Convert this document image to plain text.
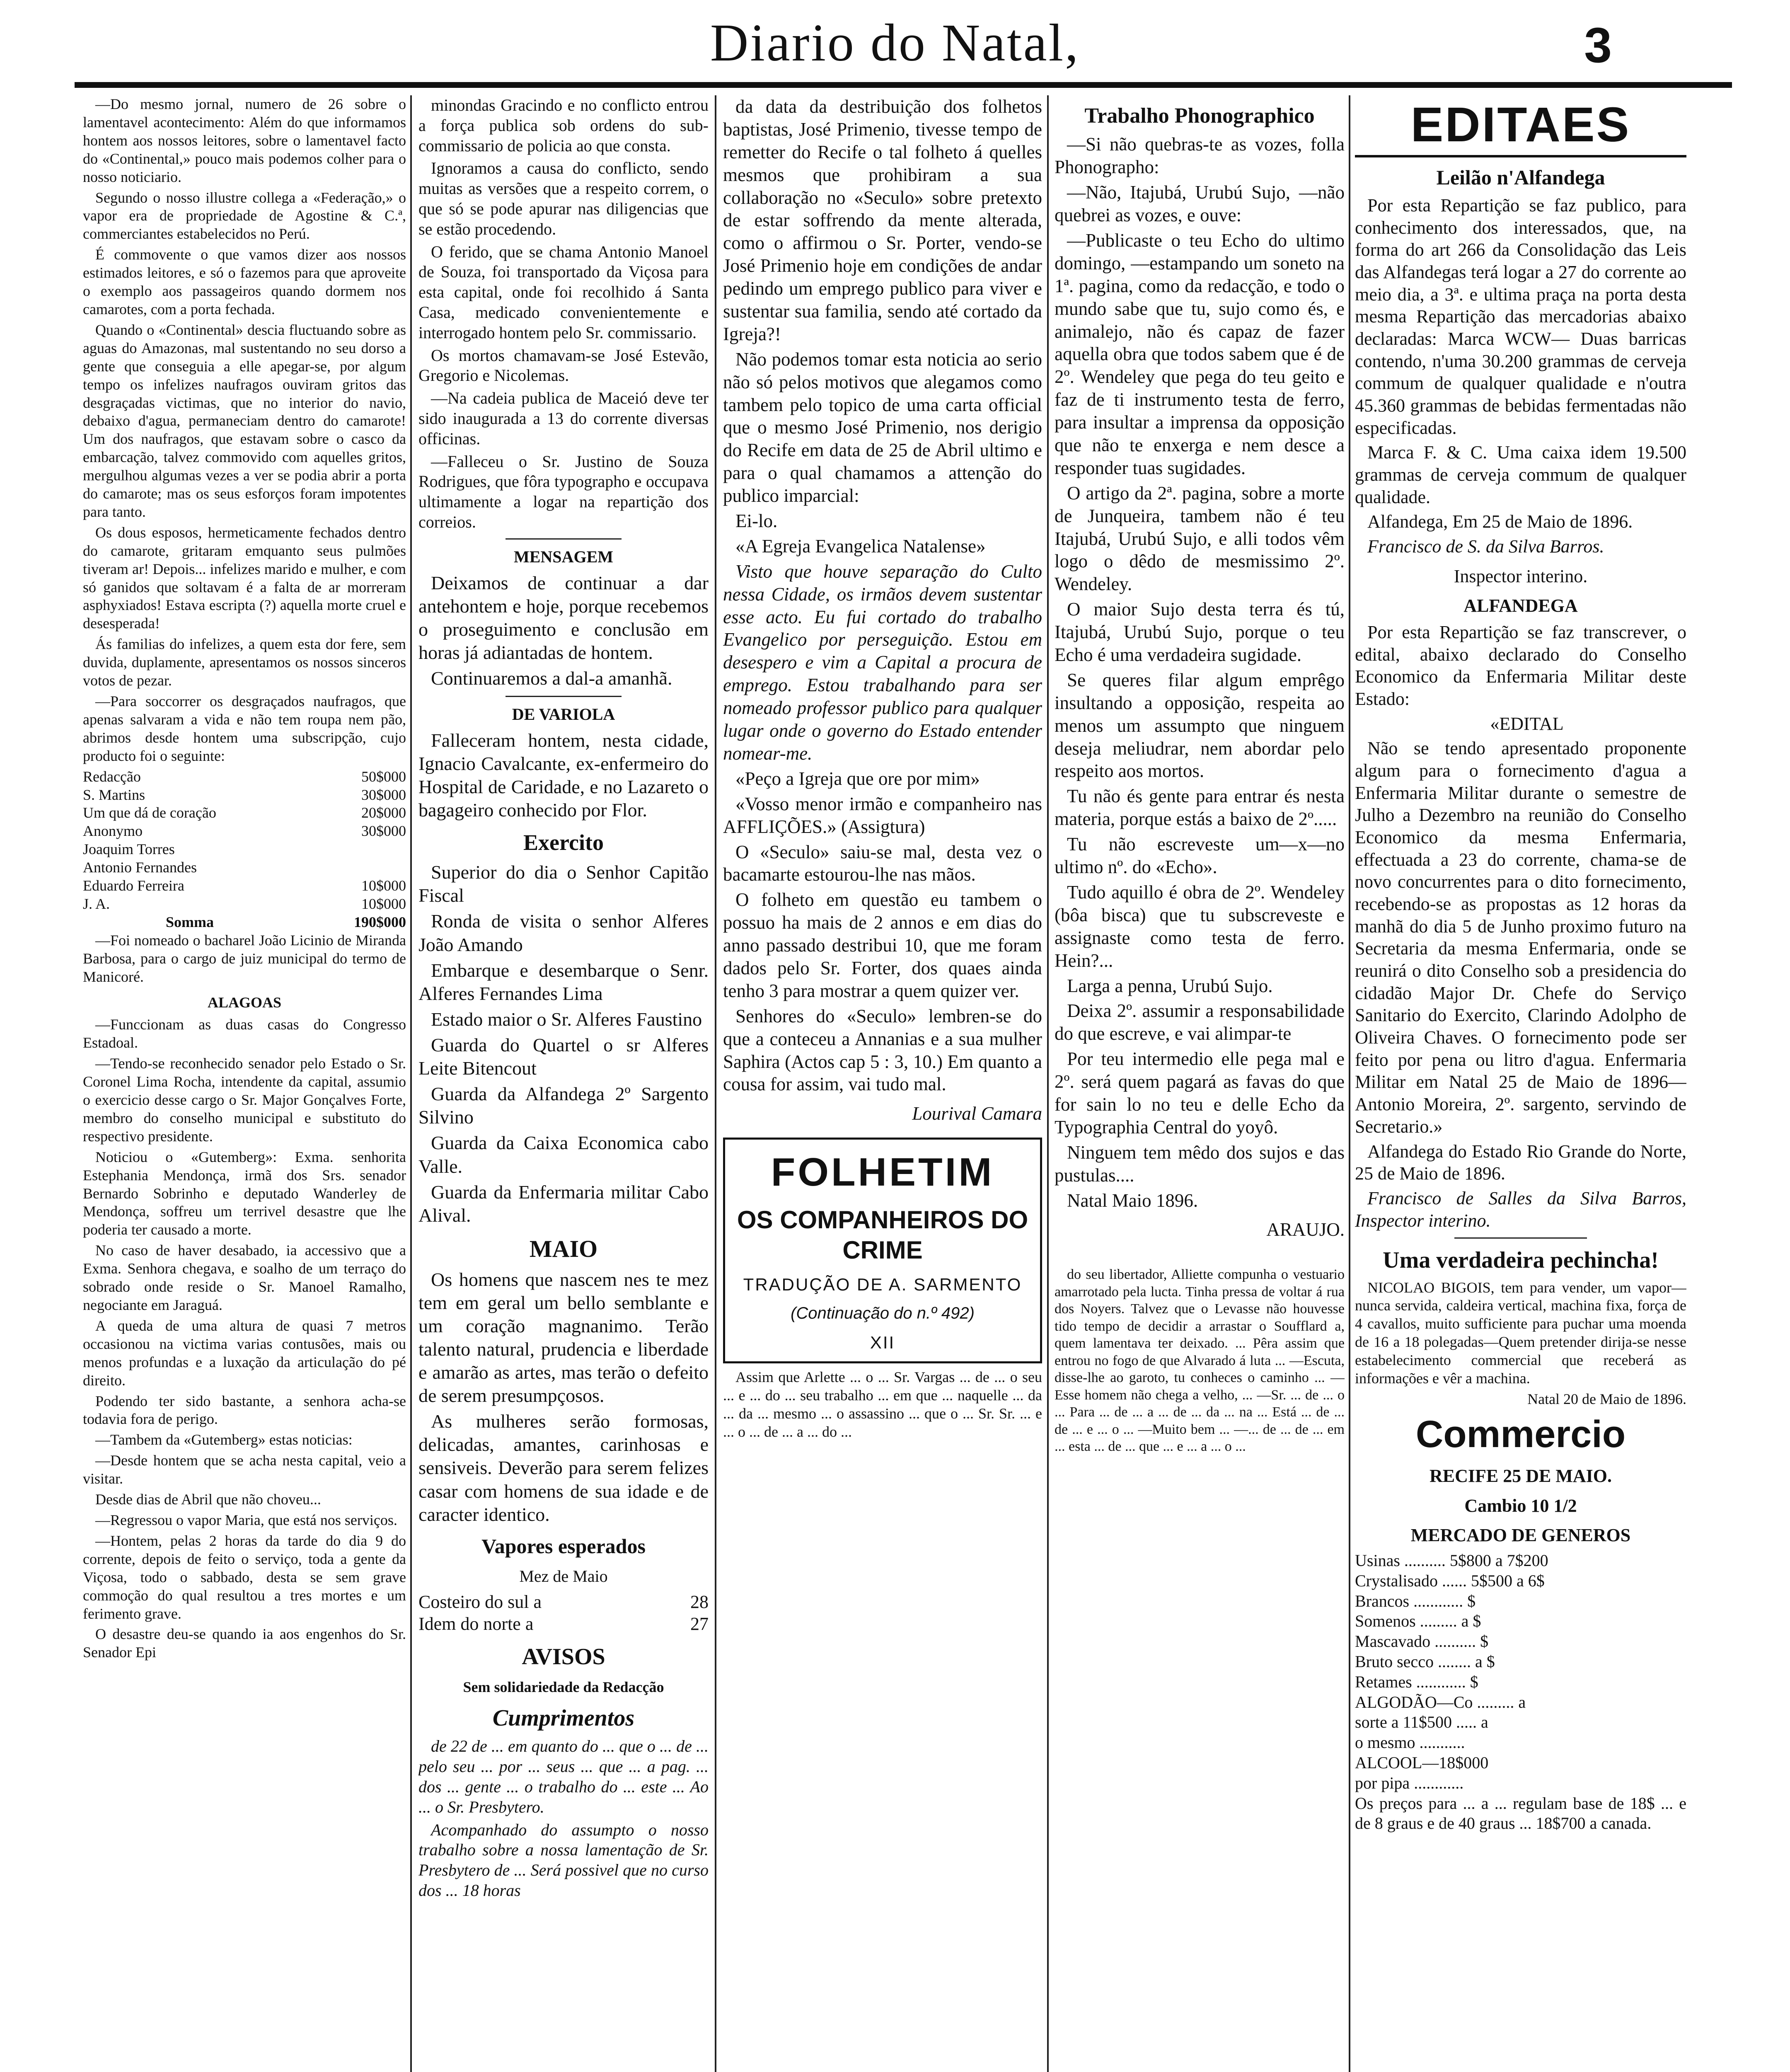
Diario do Natal,	3

—Do mesmo jornal, numero de 26 sobre o lamentavel acontecimento: Além do que informamos hontem aos nossos leitores, sobre o lamentavel facto do «Continental,» pouco mais podemos colher para o nosso noticiario.

Segundo o nosso illustre collega a «Federação,» o vapor era de propriedade de Agostine & C.ª, commerciantes estabelecidos no Perú.

É commovente o que vamos dizer aos nossos estimados leitores, e só o fazemos para que aproveite o exemplo aos passageiros quando dormem nos camarotes, com a porta fechada.

Quando o «Continental» descia fluctuando sobre as aguas do Amazonas, mal sustentando no seu dorso a gente que conseguia a elle apegar-se, por algum tempo os infelizes naufragos ouviram gritos das desgraçadas victimas, que no interior do navio, debaixo d'agua, permaneciam dentro do camarote! Um dos naufragos, que estavam sobre o casco da embarcação, talvez commovido com aquelles gritos, mergulhou algumas vezes a ver se podia abrir a porta do camarote; mas os seus esforços foram impotentes para tanto.

Os dous esposos, hermeticamente fechados dentro do camarote, gritaram emquanto seus pulmões tiveram ar! Depois... infelizes marido e mulher, e com só ganidos que soltavam é a falta de ar morreram asphyxiados! Estava escripta (?) aquella morte cruel e desesperada!

Ás familias do infelizes, a quem esta dor fere, sem duvida, duplamente, apresentamos os nossos sinceros votos de pezar.

—Para soccorrer os desgraçados naufragos, que apenas salvaram a vida e não tem roupa nem pão, abrimos desde hontem uma subscripção, cujo producto foi o seguinte:

Redacção	50$000
S. Martins	30$000
Um que dá de coração	20$000
Anonymo	30$000
Joaquim Torres
Antonio Fernandes
Eduardo Ferreira	10$000
J. A.	10$000
Somma	190$000

—Foi nomeado o bacharel João Licinio de Miranda Barbosa, para o cargo de juiz municipal do termo de Manicoré.

ALAGOAS

—Funccionam as duas casas do Congresso Estadoal.

—Tendo-se reconhecido senador pelo Estado o Sr. Coronel Lima Rocha, intendente da capital, assumio o exercicio desse cargo o Sr. Major Gonçalves Forte, membro do conselho municipal e substituto do respectivo presidente.

Noticiou o «Gutemberg»: Exma. senhorita Estephania Mendonça, irmã dos Srs. senador Bernardo Sobrinho e deputado Wanderley de Mendonça, soffreu um terrivel desastre que lhe poderia ter causado a morte.

No caso de haver desabado, ia accessivo que a Exma. Senhora chegava, e soalho de um terraço do sobrado onde reside o Sr. Manoel Ramalho, negociante em Jaraguá.

A queda de uma altura de quasi 7 metros occasionou na victima varias contusões, mais ou menos profundas e a luxação da articulação do pé direito.

Podendo ter sido bastante, a senhora acha-se todavia fora de perigo.

—Tambem da «Gutemberg» estas noticias:

—Desde hontem que se acha nesta capital, veio a visitar.

Desde dias de Abril que não choveu...

—Regressou o vapor Maria, que está nos serviços.

—Hontem, pelas 2 horas da tarde do dia 9 do corrente, depois de feito o serviço, toda a gente da Viçosa, todo o sabbado, desta se sem grave commoção do qual resultou a tres mortes e um ferimento grave.

O desastre deu-se quando ia aos engenhos do Sr. Senador Epi

minondas Gracindo e no conflicto entrou a força publica sob ordens do sub-commissario de policia ao que consta.

Ignoramos a causa do conflicto, sendo muitas as versões que a respeito correm, o que só se pode apurar nas diligencias que se estão procedendo.

O ferido, que se chama Antonio Manoel de Souza, foi transportado da Viçosa para esta capital, onde foi recolhido á Santa Casa, medicado convenientemente e interrogado hontem pelo Sr. commissario.

Os mortos chamavam-se José Estevão, Gregorio e Nicolemas.

—Na cadeia publica de Maceió deve ter sido inaugurada a 13 do corrente diversas officinas.

—Falleceu o Sr. Justino de Souza Rodrigues, que fôra typographo e occupava ultimamente a logar na repartição dos correios.

MENSAGEM

Deixamos de continuar a dar antehontem e hoje, porque recebemos o proseguimento e conclusão em horas já adiantadas de hontem.

Continuaremos a dal-a amanhã.

DE VARIOLA

Falleceram hontem, nesta cidade, Ignacio Cavalcante, ex-enfermeiro do Hospital de Caridade, e no Lazareto o bagageiro conhecido por Flor.

Exercito

Superior do dia o Senhor Capitão Fiscal

Ronda de visita o senhor Alferes João Amando

Embarque e desembarque o Senr. Alferes Fernandes Lima

Estado maior o Sr. Alferes Faustino

Guarda do Quartel o sr Alferes Leite Bitencout

Guarda da Alfandega 2º Sargento Silvino

Guarda da Caixa Economica cabo Valle.

Guarda da Enfermaria militar Cabo Alival.

MAIO

Os homens que nascem nes te mez tem em geral um bello semblante e um coração magnanimo. Terão talento natural, prudencia e liberdade e amarão as artes, mas terão o defeito de serem presumpçosos.

As mulheres serão formosas, delicadas, amantes, carinhosas e sensiveis. Deverão para serem felizes casar com homens de sua idade e de caracter identico.

Vapores esperados
Mez de Maio
Costeiro do sul a	28
Idem do norte a	27
AVISOS
Sem solidariedade da Redacção
Cumprimentos

de 22 de ... em quanto do ... que o ... de ... pelo seu ... por ... seus ... que ... a pag. ... dos ... gente ... o trabalho do ... este ... Ao ... o Sr. Presbytero.

Acompanhado do assumpto o nosso trabalho sobre a nossa lamentação de Sr. Presbytero de ... Será possivel que no curso dos ... 18 horas

da data da destribuição dos folhetos baptistas, José Primenio, tivesse tempo de remetter do Recife o tal folheto á quelles mesmos que prohibiram a sua collaboração no «Seculo» sobre pretexto de estar soffrendo da mente alterada, como o affirmou o Sr. Porter, vendo-se José Primenio hoje em condições de andar pedindo um emprego publico para viver e sustentar sua familia, sendo até cortado da Igreja?!

Não podemos tomar esta noticia ao serio não só pelos motivos que alegamos como tambem pelo topico de uma carta official que o mesmo José Primenio, nos derigio do Recife em data de 25 de Abril ultimo e para o qual chamamos a attenção do publico imparcial:

Ei-lo.

«A Egreja Evangelica Natalense»

Visto que houve separação do Culto nessa Cidade, os irmãos devem sustentar esse acto. Eu fui cortado do trabalho Evangelico por perseguição. Estou em desespero e vim a Capital a procura de emprego. Estou trabalhando para ser nomeado professor publico para qualquer lugar onde o governo do Estado entender nomear-me.

«Peço a Igreja que ore por mim»

«Vosso menor irmão e companheiro nas AFFLIÇÕES.» (Assigtura)

O «Seculo» saiu-se mal, desta vez o bacamarte estourou-lhe nas mãos.

O folheto em questão eu tambem o possuo ha mais de 2 annos e em dias do anno passado destribui 10, que me foram dados pelo Sr. Forter, dos quaes ainda tenho 3 para mostrar a quem quizer ver.

Senhores do «Seculo» lembren-se do que a conteceu a Annanias e a sua mulher Saphira (Actos cap 5 : 3, 10.) Em quanto a cousa for assim, vai tudo mal.

Lourival Camara
FOLHETIM
OS COMPANHEIROS DO CRIME
TRADUÇÃO DE A. SARMENTO
(Continuação do n.º 492)
XII

Assim que Arlette ... o ... Sr. Vargas ... de ... o seu ... e ... do ... seu trabalho ... em que ... naquelle ... da ... da ... mesmo ... o assassino ... que o ... Sr. Sr. ... e ... o ... de ... a ... do ...

Trabalho Phonographico

—Si não quebras-te as vozes, folla Phonographo:

—Não, Itajubá, Urubú Sujo, —não quebrei as vozes, e ouve:

—Publicaste o teu Echo do ultimo domingo, —estampando um soneto na 1ª. pagina, como da redacção, e todo o mundo sabe que tu, sujo como és, e animalejo, não és capaz de fazer aquella obra que todos sabem que é de 2º. Wendeley que pega do teu geito e faz de ti instrumento testa de ferro, para insultar a imprensa da opposição que não te enxerga e nem desce a responder tuas sugidades.

O artigo da 2ª. pagina, sobre a morte de Junqueira, tambem não é teu Itajubá, Urubú Sujo, e alli todos vêm logo o dêdo de mesmissimo 2º. Wendeley.

O maior Sujo desta terra és tú, Itajubá, Urubú Sujo, porque o teu Echo é uma verdadeira sugidade.

Se queres filar algum emprêgo insultando a opposição, respeita ao menos um assumpto que ninguem deseja meliudrar, nem abordar pelo respeito aos mortos.

Tu não és gente para entrar és nesta materia, porque estás a baixo de 2º.....

Tu não escreveste um—x—no ultimo nº. do «Echo».

Tudo aquillo é obra de 2º. Wendeley (bôa bisca) que tu subscreveste e assignaste como testa de ferro. Hein?...

Larga a penna, Urubú Sujo.

Deixa 2º. assumir a responsabilidade do que escreve, e vai alimpar-te

Por teu intermedio elle pega mal e 2º. será quem pagará as favas do que for sain lo no teu e delle Echo da Typographia Central do yoyô.

Ninguem tem mêdo dos sujos e das pustulas....

Natal Maio 1896.

ARAUJO.

do seu libertador, Alliette compunha o vestuario amarrotado pela lucta. Tinha pressa de voltar á rua dos Noyers. Talvez que o Levasse não houvesse tido tempo de decidir a arrastar o Soufflard a, quem lamentava ter deixado. ... Pêra assim que entrou no fogo de que Alvarado á luta ... —Escuta, disse-lhe ao garoto, tu conheces o caminho ... —Esse homem não chega a velho, ... —Sr. ... de ... o ... Para ... de ... a ... de ... da ... na ... Está ... de ... de ... e ... o ... —Muito bem ... —... de ... de ... em ... esta ... de ... que ... e ... a ... o ...

EDITAES
Leilão n'Alfandega

Por esta Repartição se faz publico, para conhecimento dos interessados, que, na forma do art 266 da Consolidação das Leis das Alfandegas terá logar a 27 do corrente ao meio dia, a 3ª. e ultima praça na porta desta mesma Repartição das mercadorias abaixo declaradas: Marca WCW— Duas barricas contendo, n'uma 30.200 grammas de cerveja commum de qualquer qualidade e n'outra 45.360 grammas de bebidas fermentadas não especificadas.

Marca F. & C. Uma caixa idem 19.500 grammas de cerveja commum de qualquer qualidade.

Alfandega, Em 25 de Maio de 1896.

Francisco de S. da Silva Barros.

Inspector interino.
ALFANDEGA

Por esta Repartição se faz transcrever, o edital, abaixo declarado do Conselho Economico da Enfermaria Militar deste Estado:

«EDITAL

Não se tendo apresentado proponente algum para o fornecimento d'agua a Enfermaria Militar durante o semestre de Julho a Dezembro na reunião do Conselho Economico da mesma Enfermaria, effectuada a 23 do corrente, chama-se de novo concurrentes para o dito fornecimento, recebendo-se as propostas as 12 horas da manhã do dia 5 de Junho proximo futuro na Secretaria da mesma Enfermaria, onde se reunirá o dito Conselho sob a presidencia do cidadão Major Dr. Chefe do Serviço Sanitario do Exercito, Clarindo Adolpho de Oliveira Chaves. O fornecimento pode ser feito por pena ou litro d'agua. Enfermaria Militar em Natal 25 de Maio de 1896— Antonio Moreira, 2º. sargento, servindo de Secretario.»

Alfandega do Estado Rio Grande do Norte, 25 de Maio de 1896.

Francisco de Salles da Silva Barros, Inspector interino.

Uma verdadeira pechincha!

NICOLAO BIGOIS, tem para vender, um vapor—nunca servida, caldeira vertical, machina fixa, força de 4 cavallos, muito sufficiente para puchar uma moenda de 16 a 18 polegadas—Quem pretender dirija-se nesse estabelecimento commercial que receberá as informações e vêr a machina.

Natal 20 de Maio de 1896.

Commercio
RECIFE 25 DE MAIO.
Cambio 10 1/2
MERCADO DE GENEROS
Usinas .......... 5$800 a 7$200
Crystalisado ...... 5$500 a 6$
Brancos ............ $
Somenos ......... a $
Mascavado .......... $
Bruto secco ........ a $
Retames ............ $
ALGODÃO—Co ......... a
sorte a 11$500 ..... a
o mesmo ...........
ALCOOL—18$000
por pipa ............
Os preços para ... a ... regulam base de 18$ ... e de 8 graus e de 40 graus ... 18$700 a canada.
